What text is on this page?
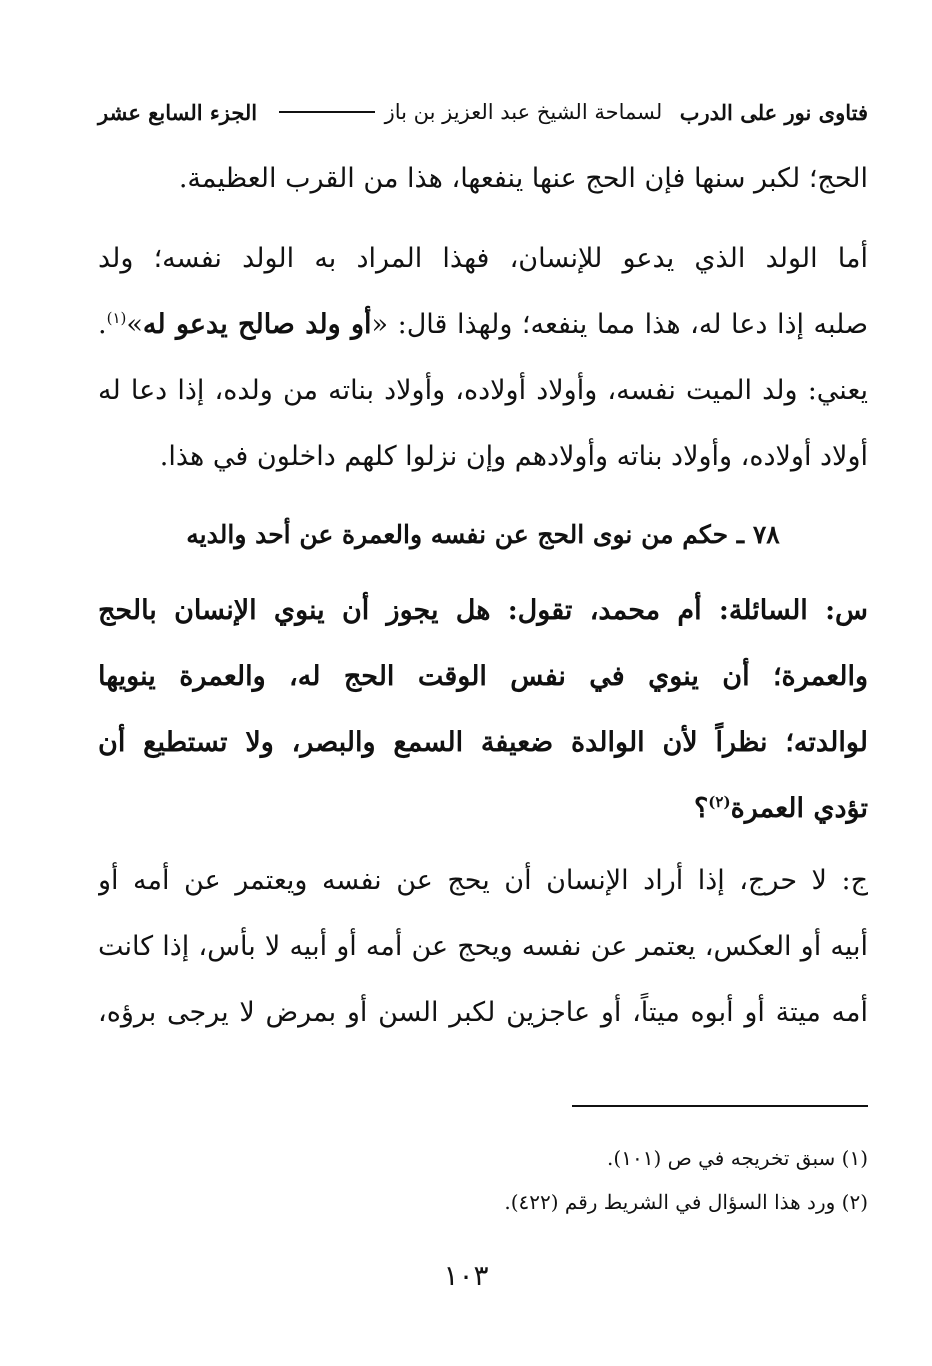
فتاوى نور على الدرب
لسماحة الشيخ عبد العزيز بن باز
الجزء السابع عشر
الحج؛ لكبر سنها فإن الحج عنها ينفعها، هذا من القرب العظيمة.
أما الولد الذي يدعو للإنسان، فهذا المراد به الولد نفسه؛ ولد
صلبه إذا دعا له، هذا مما ينفعه؛ ولهذا قال: «أو ولد صالح يدعو له»$^{(١)}$.
يعني: ولد الميت نفسه، وأولاد أولاده، وأولاد بناته من ولده، إذا دعا له
أولاد أولاده، وأولاد بناته وأولادهم وإن نزلوا كلهم داخلون في هذا.
٧٨ ـ حكم من نوى الحج عن نفسه والعمرة عن أحد والديه
س: السائلة: أم محمد، تقول: هل يجوز أن ينوي الإنسان بالحج
والعمرة؛ أن ينوي في نفس الوقت الحج له، والعمرة ينويها
لوالدته؛ نظراً لأن الوالدة ضعيفة السمع والبصر، ولا تستطيع أن
تؤدي العمرة$^{(٢)}$؟
ج: لا حرج، إذا أراد الإنسان أن يحج عن نفسه ويعتمر عن أمه أو
أبيه أو العكس، يعتمر عن نفسه ويحج عن أمه أو أبيه لا بأس، إذا كانت
أمه ميتة أو أبوه ميتاً، أو عاجزين لكبر السن أو بمرض لا يرجى برؤه،
(١) سبق تخريجه في ص (١٠١).
(٢) ورد هذا السؤال في الشريط رقم (٤٢٢).
١٠٣
